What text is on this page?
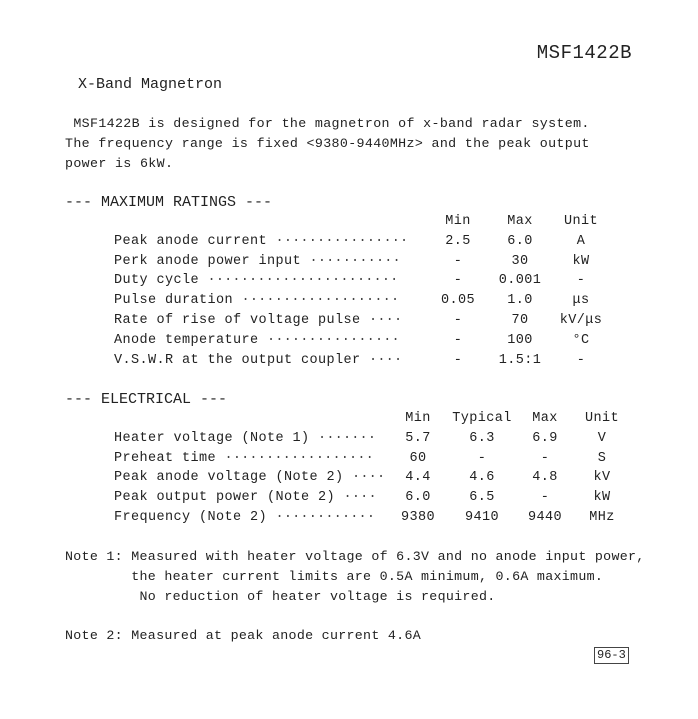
MSF1422B
X-Band Magnetron
MSF1422B is designed for the magnetron of x-band radar system.
The frequency range is fixed <9380-9440MHz> and the peak output
power is 6kW.
--- MAXIMUM RATINGS ---
	Min	Max	Unit
Peak anode current ················	2.5	6.0	A
Perk anode power input ···········	-	30	kW
Duty cycle ·······················	-	0.001	-
Pulse duration ···················	0.05	1.0	μs
Rate of rise of voltage pulse ····	-	70	kV/μs
Anode temperature ················	-	100	°C
V.S.W.R at the output coupler ····	-	1.5:1	-
--- ELECTRICAL ---
	Min	Typical	Max	Unit
Heater voltage (Note 1) ·······	5.7	6.3	6.9	V
Preheat time ··················	60	-	-	S
Peak anode voltage (Note 2) ····	4.4	4.6	4.8	kV
Peak output power (Note 2) ····	6.0	6.5	-	kW
Frequency (Note 2) ············	9380	9410	9440	MHz
Note 1: Measured with heater voltage of 6.3V and no anode input power,
the heater current limits are 0.5A minimum, 0.6A maximum.
No reduction of heater voltage is required.
Note 2: Measured at peak anode current 4.6A
96-3
